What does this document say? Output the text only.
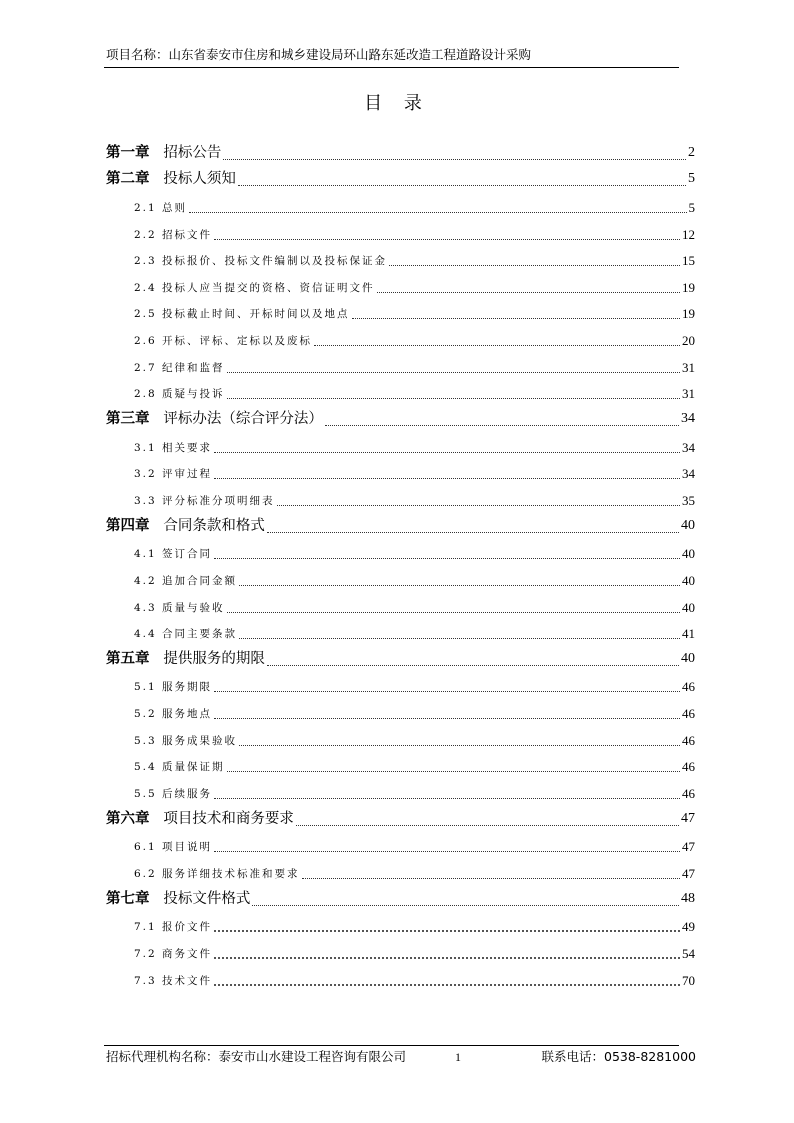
项目名称：山东省泰安市住房和城乡建设局环山路东延改造工程道路设计采购
目 录
第一章 招标公告	2
第二章 投标人须知	5
2.1 总则	5
2.2 招标文件	12
2.3 投标报价、投标文件编制以及投标保证金	15
2.4 投标人应当提交的资格、资信证明文件	19
2.5 投标截止时间、开标时间以及地点	19
2.6 开标、评标、定标以及废标	20
2.7 纪律和监督	31
2.8 质疑与投诉	31
第三章 评标办法（综合评分法）	34
3.1 相关要求	34
3.2 评审过程	34
3.3 评分标准分项明细表	35
第四章 合同条款和格式	40
4.1 签订合同	40
4.2 追加合同金额	40
4.3 质量与验收	40
4.4 合同主要条款	41
第五章 提供服务的期限	40
5.1 服务期限	46
5.2 服务地点	46
5.3 服务成果验收	46
5.4 质量保证期	46
5.5 后续服务	46
第六章 项目技术和商务要求	47
6.1 项目说明	47
6.2 服务详细技术标准和要求	47
第七章 投标文件格式	48
7.1 报价文件	49
7.2 商务文件	54
7.3 技术文件	70
招标代理机构名称：泰安市山水建设工程咨询有限公司	1	联系电话：0538-8281000
